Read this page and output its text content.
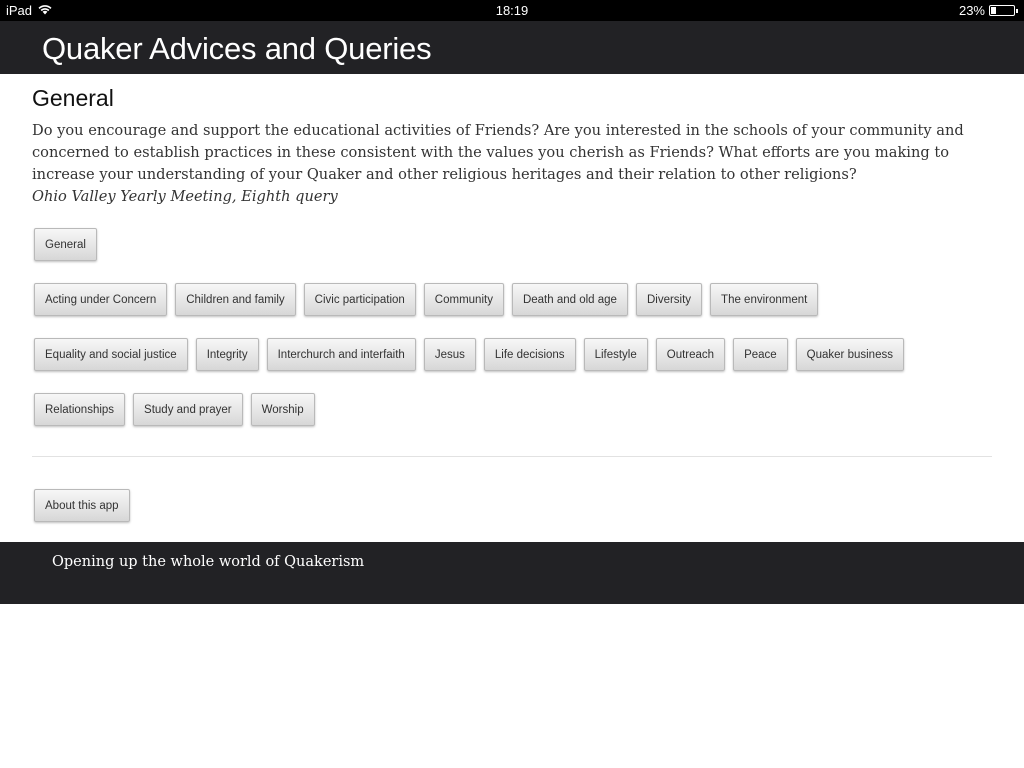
iPad	18:19	23%
Quaker Advices and Queries
General

Do you encourage and support the educational activities of Friends? Are you interested in the schools of your community and concerned to establish practices in these consistent with the values you cherish as Friends? What efforts are you making to increase your understanding of your Quaker and other religious heritages and their relation to other religions?

Ohio Valley Yearly Meeting, Eighth query

General
Acting under Concern	Children and family	Civic participation	Community	Death and old age	Diversity	The environment
Equality and social justice	Integrity	Interchurch and interfaith	Jesus	Life decisions	Lifestyle	Outreach	Peace	Quaker business
Relationships	Study and prayer	Worship
About this app

Opening up the whole world of Quakerism
